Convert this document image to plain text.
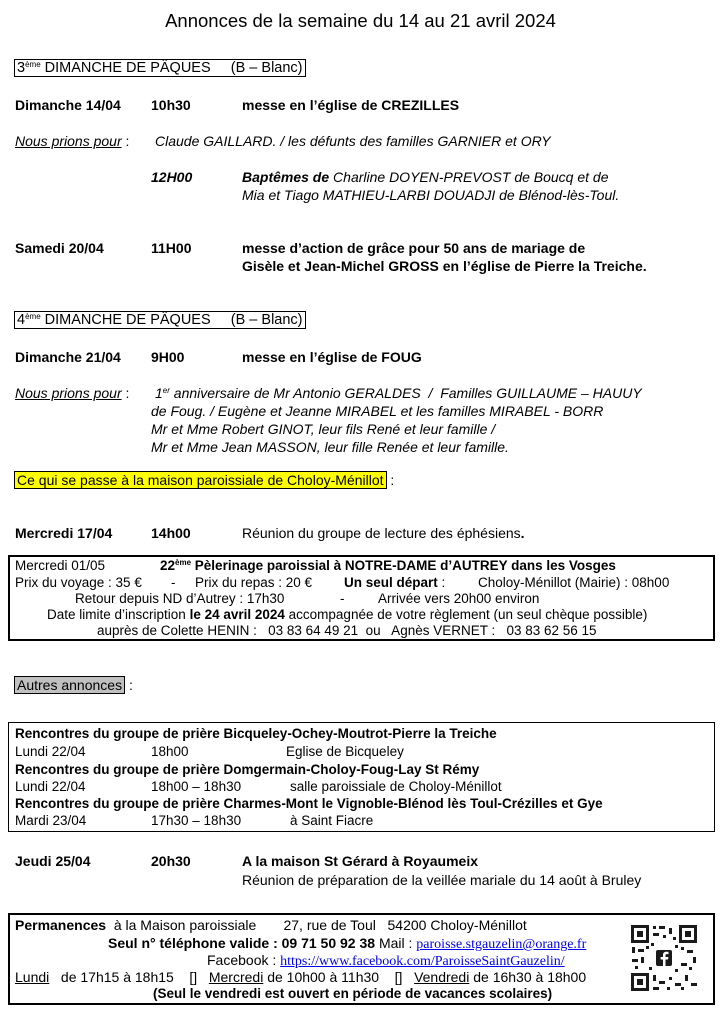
Annonces de la semaine du 14 au 21 avril 2024
3ème DIMANCHE DE PÂQUES     (B – Blanc)
Dimanche 14/04 10h30	messe en l’église de CREZILLES
Nous prions pour : Claude GAILLARD. / les défunts des familles GARNIER et ORY
12H00	Baptêmes de Charline DOYEN-PREVOST de Boucq et de
Mia et Tiago MATHIEU-LARBI DOUADJI de Blénod-lès-Toul.
Samedi 20/04	11H00	messe d’action de grâce pour 50 ans de mariage de
Gisèle et Jean-Michel GROSS en l’église de Pierre la Treiche.
4ème DIMANCHE DE PÂQUES     (B – Blanc)
Dimanche 21/04 9H00	messe en l’église de FOUG
Nous prions pour : 1er anniversaire de Mr Antonio GERALDES  /  Familles GUILLAUME – HAUUY
de Foug. / Eugène et Jeanne MIRABEL et les familles MIRABEL - BORR
Mr et Mme Robert GINOT, leur fils René et leur famille /
Mr et Mme Jean MASSON, leur fille Renée et leur famille.
Ce qui se passe à la maison paroissiale de Choloy-Ménillot :
Mercredi 17/04	14h00	Réunion du groupe de lecture des éphésiens.
Mercredi 01/05	22ème Pèlerinage paroissial à NOTRE-DAME d’AUTREY dans les Vosges
Prix du voyage : 35 € - Prix du repas : 20 € Un seul départ : Choloy-Ménillot (Mairie) : 08h00
Retour depuis ND d’Autrey : 17h30	- Arrivée vers 20h00 environ
Date limite d’inscription le 24 avril 2024 accompagnée de votre règlement (un seul chèque possible)
auprès de Colette HENIN :   03 83 64 49 21  ou   Agnès VERNET :   03 83 62 56 15
Autres annonces :
Rencontres du groupe de prière Bicqueley-Ochey-Moutrot-Pierre la Treiche
Lundi 22/04	18h00	Eglise de Bicqueley
Rencontres du groupe de prière Domgermain-Choloy-Foug-Lay St Rémy
Lundi 22/04	18h00 – 18h30	salle paroissiale de Choloy-Ménillot
Rencontres du groupe de prière Charmes-Mont le Vignoble-Blénod lès Toul-Crézilles et Gye
Mardi 23/04	17h30 – 18h30	à Saint Fiacre
Jeudi 25/04	20h30	A la maison St Gérard à Royaumeix
Réunion de préparation de la veillée mariale du 14 août à Bruley
Permanences  à la Maison paroissiale       27, rue de Toul   54200 Choloy-Ménillot
Seul n° téléphone valide : 09 71 50 92 38 Mail : paroisse.stgauzelin@orange.fr
Facebook : https://www.facebook.com/ParoisseSaintGauzelin/
Lundi   de 17h15 à 18h15    []   Mercredi de 10h00 à 11h30    []   Vendredi de 16h30 à 18h00
(Seul le vendredi est ouvert en période de vacances scolaires)
